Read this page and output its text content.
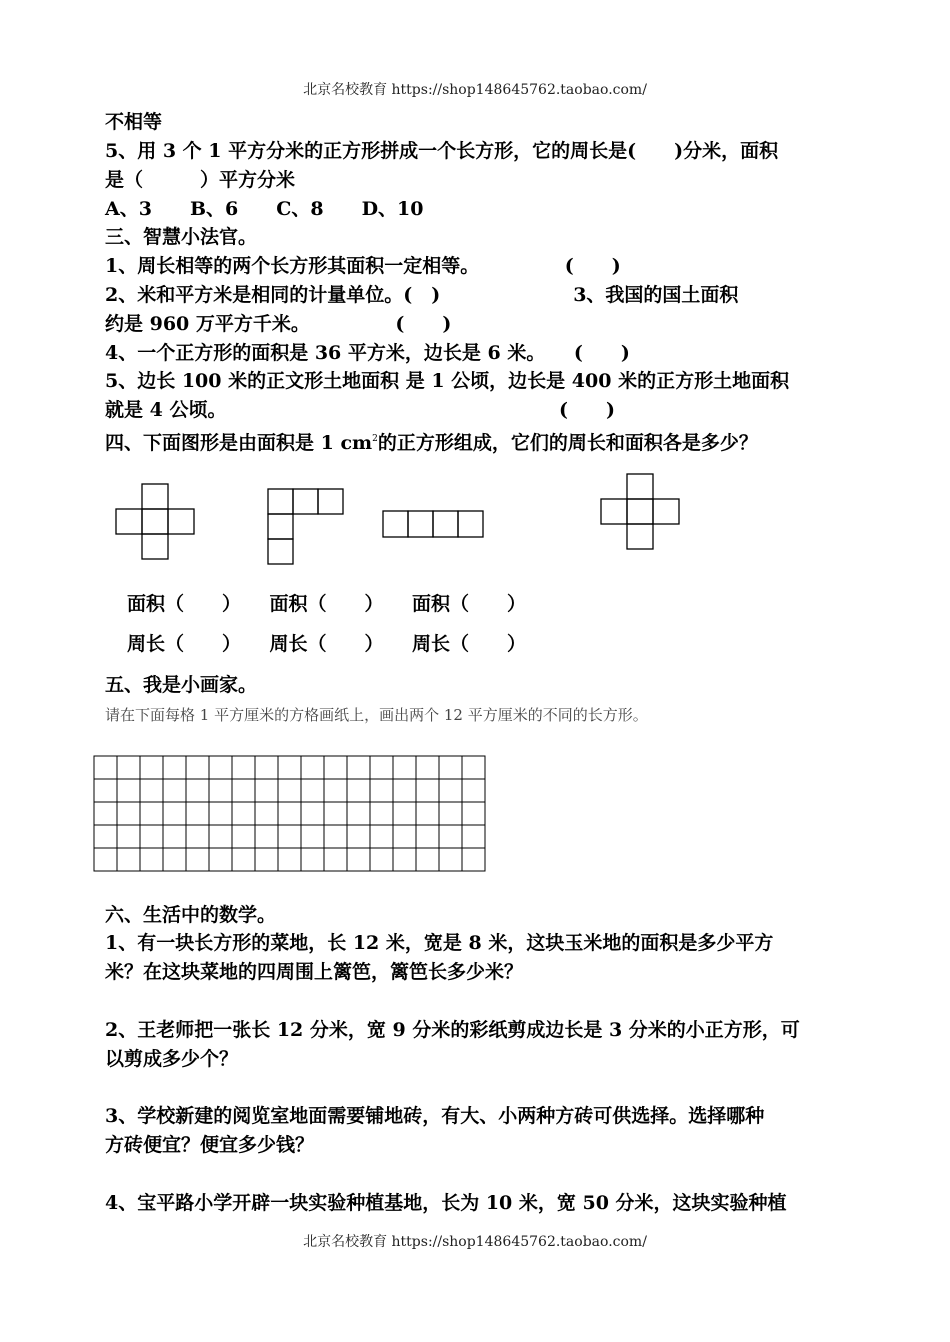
北京名校教育 https://shop148645762.taobao.com/
不相等
5、用 3 个 1 平方分米的正方形拼成一个长方形，它的周长是(　　)分米，面积
是（　　　）平方分米
A、3　　B、6　　C、8　　D、10
三、智慧小法官。
1、周长相等的两个长方形其面积一定相等。　　　　　(　　)
2、米和平方米是相同的计量单位。(　)　　　　　　　3、我国的国土面积
约是 960 万平方千米。　　　　　(　　)
4、一个正方形的面积是 36 平方米，边长是 6 米。　　(　　)
5、边长 100 米的正文形土地面积 是 1 公顷，边长是 400 米的正方形土地面积
就是 4 公顷。　　　　　　　　　　　　　　　　　　(　　)
四、下面图形是由面积是 1 $cm^2$的正方形组成，它们的周长和面积各是多少？
面积（　　）　　面积（　　）　　面积（　　）
周长（　　）　　周长（　　）　　周长（　　）
五、我是小画家。
请在下面每格 1 平方厘米的方格画纸上，画出两个 12 平方厘米的不同的长方形。
六、生活中的数学。
1、有一块长方形的菜地，长 12 米，宽是 8 米，这块玉米地的面积是多少平方
米？在这块菜地的四周围上篱笆，篱笆长多少米？
2、王老师把一张长 12 分米，宽 9 分米的彩纸剪成边长是 3 分米的小正方形，可
以剪成多少个？
3、学校新建的阅览室地面需要铺地砖，有大、小两种方砖可供选择。选择哪种
方砖便宜？便宜多少钱？
4、宝平路小学开辟一块实验种植基地，长为 10 米，宽 50 分米，这块实验种植
北京名校教育 https://shop148645762.taobao.com/
